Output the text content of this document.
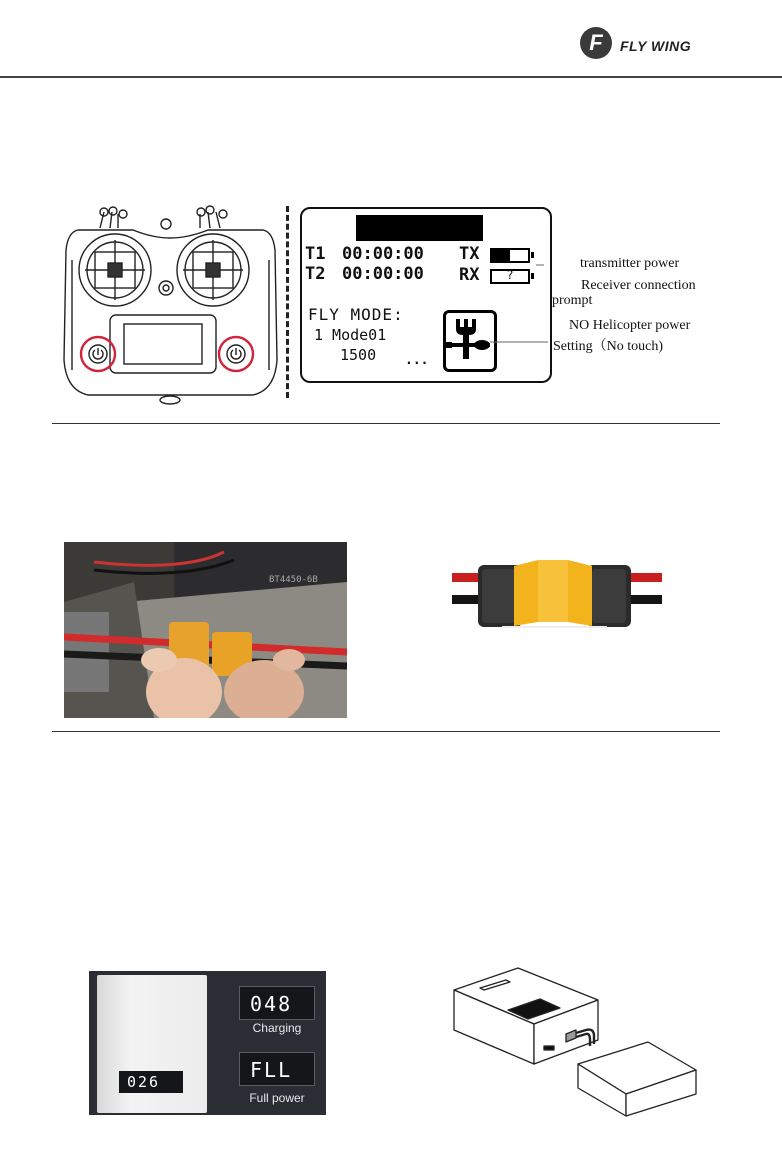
F	FLY WING
T1 00:00:00
T2 00:00:00
TX
RX	?
FLY MODE:
1 Mode01
1500 ...
transmitter power
Receiver connection
prompt
NO Helicopter power
Setting（No touch)
BT4450-6B
026
048
Charging
FLL
Full power
